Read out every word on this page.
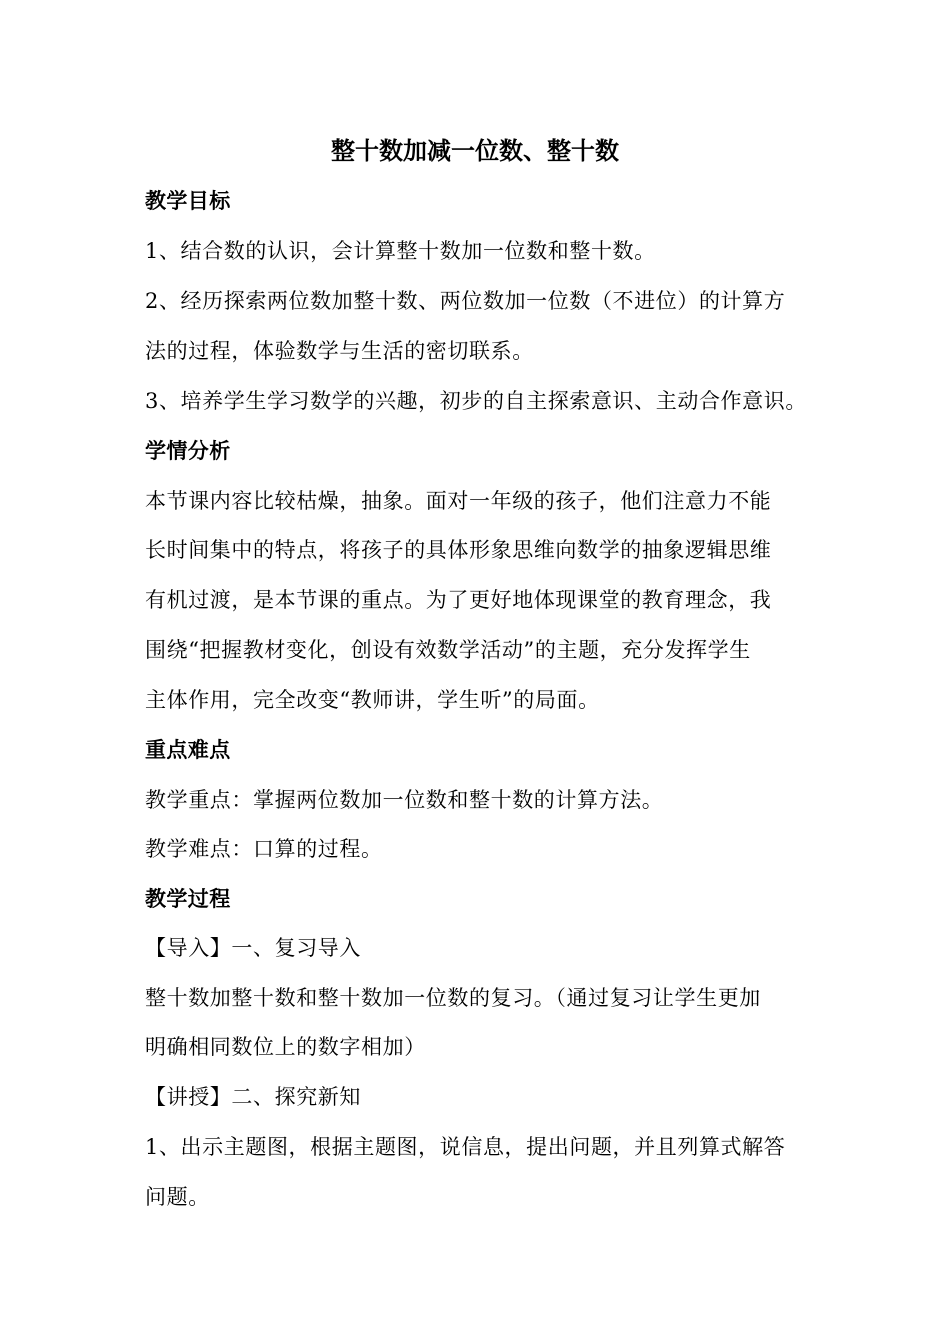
整十数加减一位数、整十数
教学目标
1、结合数的认识，会计算整十数加一位数和整十数。
2、经历探索两位数加整十数、两位数加一位数（不进位）的计算方
法的过程，体验数学与生活的密切联系。
3、培养学生学习数学的兴趣，初步的自主探索意识、主动合作意识。
学情分析
本节课内容比较枯燥，抽象。面对一年级的孩子，他们注意力不能
长时间集中的特点，将孩子的具体形象思维向数学的抽象逻辑思维
有机过渡，是本节课的重点。为了更好地体现课堂的教育理念，我
围绕“把握教材变化，创设有效数学活动”的主题，充分发挥学生
主体作用，完全改变“教师讲，学生听”的局面。
重点难点
教学重点：掌握两位数加一位数和整十数的计算方法。
教学难点：口算的过程。
教学过程
【导入】一、复习导入
整十数加整十数和整十数加一位数的复习。（通过复习让学生更加
明确相同数位上的数字相加）
【讲授】二、探究新知
1、出示主题图，根据主题图，说信息，提出问题，并且列算式解答
问题。
